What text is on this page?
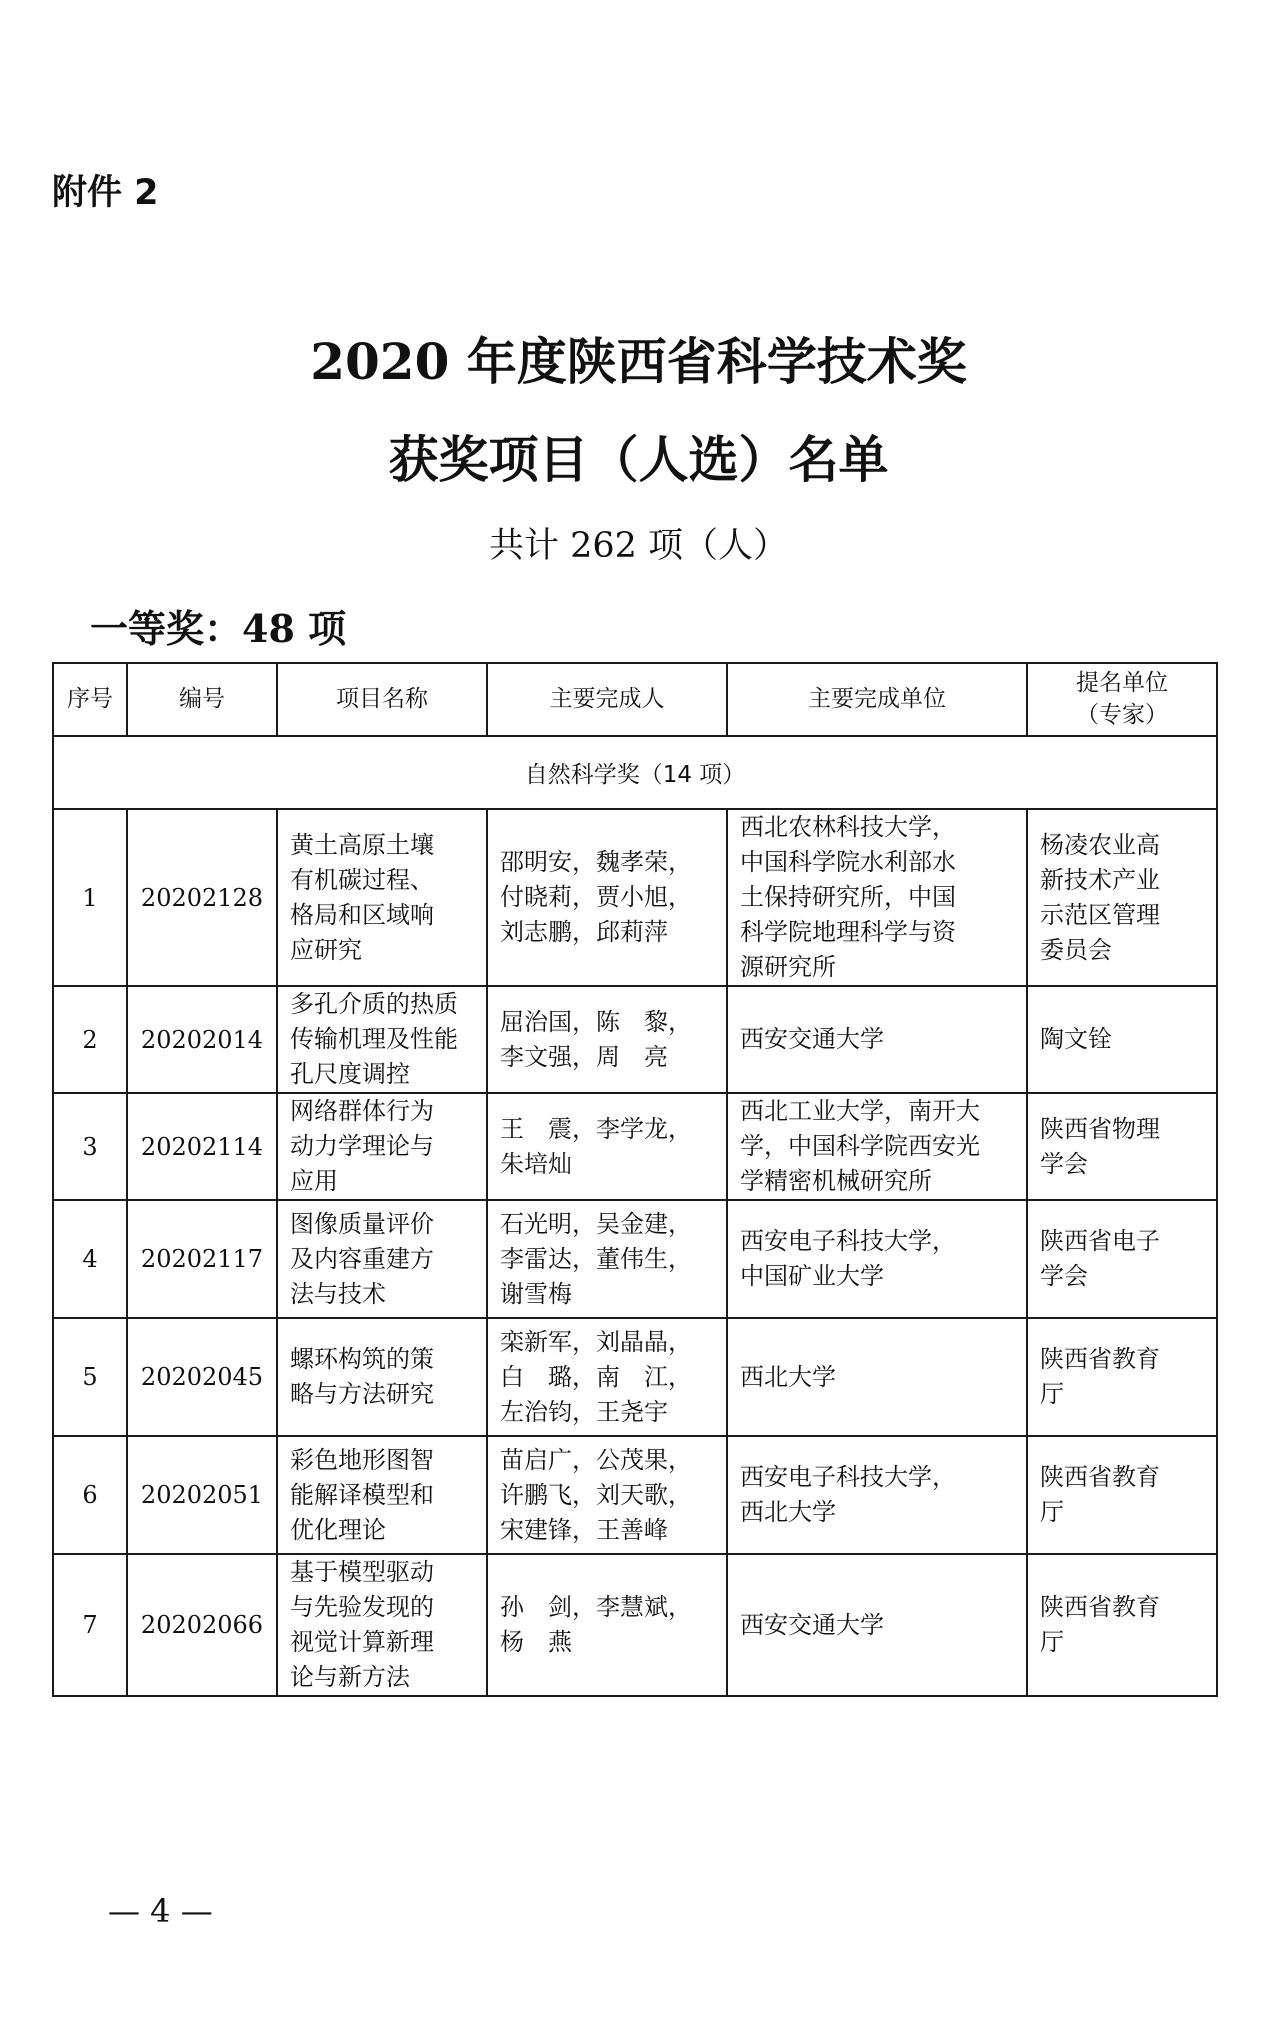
附件 2
2020 年度陕西省科学技术奖
获奖项目（人选）名单
共计 262 项（人）
一等奖：48 项
序号	编号	项目名称	主要完成人	主要完成单位	提名单位
（专家）

自然科学奖（14 项）					
1	20202128	黄土高原土壤
有机碳过程、
格局和区域响
应研究	邵明安，魏孝荣，
付晓莉，贾小旭，
刘志鹏，邱莉萍	西北农林科技大学，
中国科学院水利部水
土保持研究所，中国
科学院地理科学与资
源研究所	杨凌农业高
新技术产业
示范区管理
委员会

2	20202014	多孔介质的热质
传输机理及性能
孔尺度调控	屈治国，陈　黎，
李文强，周　亮	西安交通大学	陶文铨

3	20202114	网络群体行为
动力学理论与
应用	王　震，李学龙，
朱培灿	西北工业大学，南开大
学，中国科学院西安光
学精密机械研究所	陕西省物理
学会

4	20202117	图像质量评价
及内容重建方
法与技术	石光明，吴金建，
李雷达，董伟生，
谢雪梅	西安电子科技大学，
中国矿业大学	陕西省电子
学会

5	20202045	螺环构筑的策
略与方法研究	栾新军，刘晶晶，
白　璐，南　江，
左治钧，王尧宇	西北大学	陕西省教育
厅

6	20202051	彩色地形图智
能解译模型和
优化理论	苗启广，公茂果，
许鹏飞，刘天歌，
宋建锋，王善峰	西安电子科技大学，
西北大学	陕西省教育
厅

7	20202066	基于模型驱动
与先验发现的
视觉计算新理
论与新方法	孙　剑，李慧斌，
杨　燕	西安交通大学	陕西省教育
厅
— 4 —
